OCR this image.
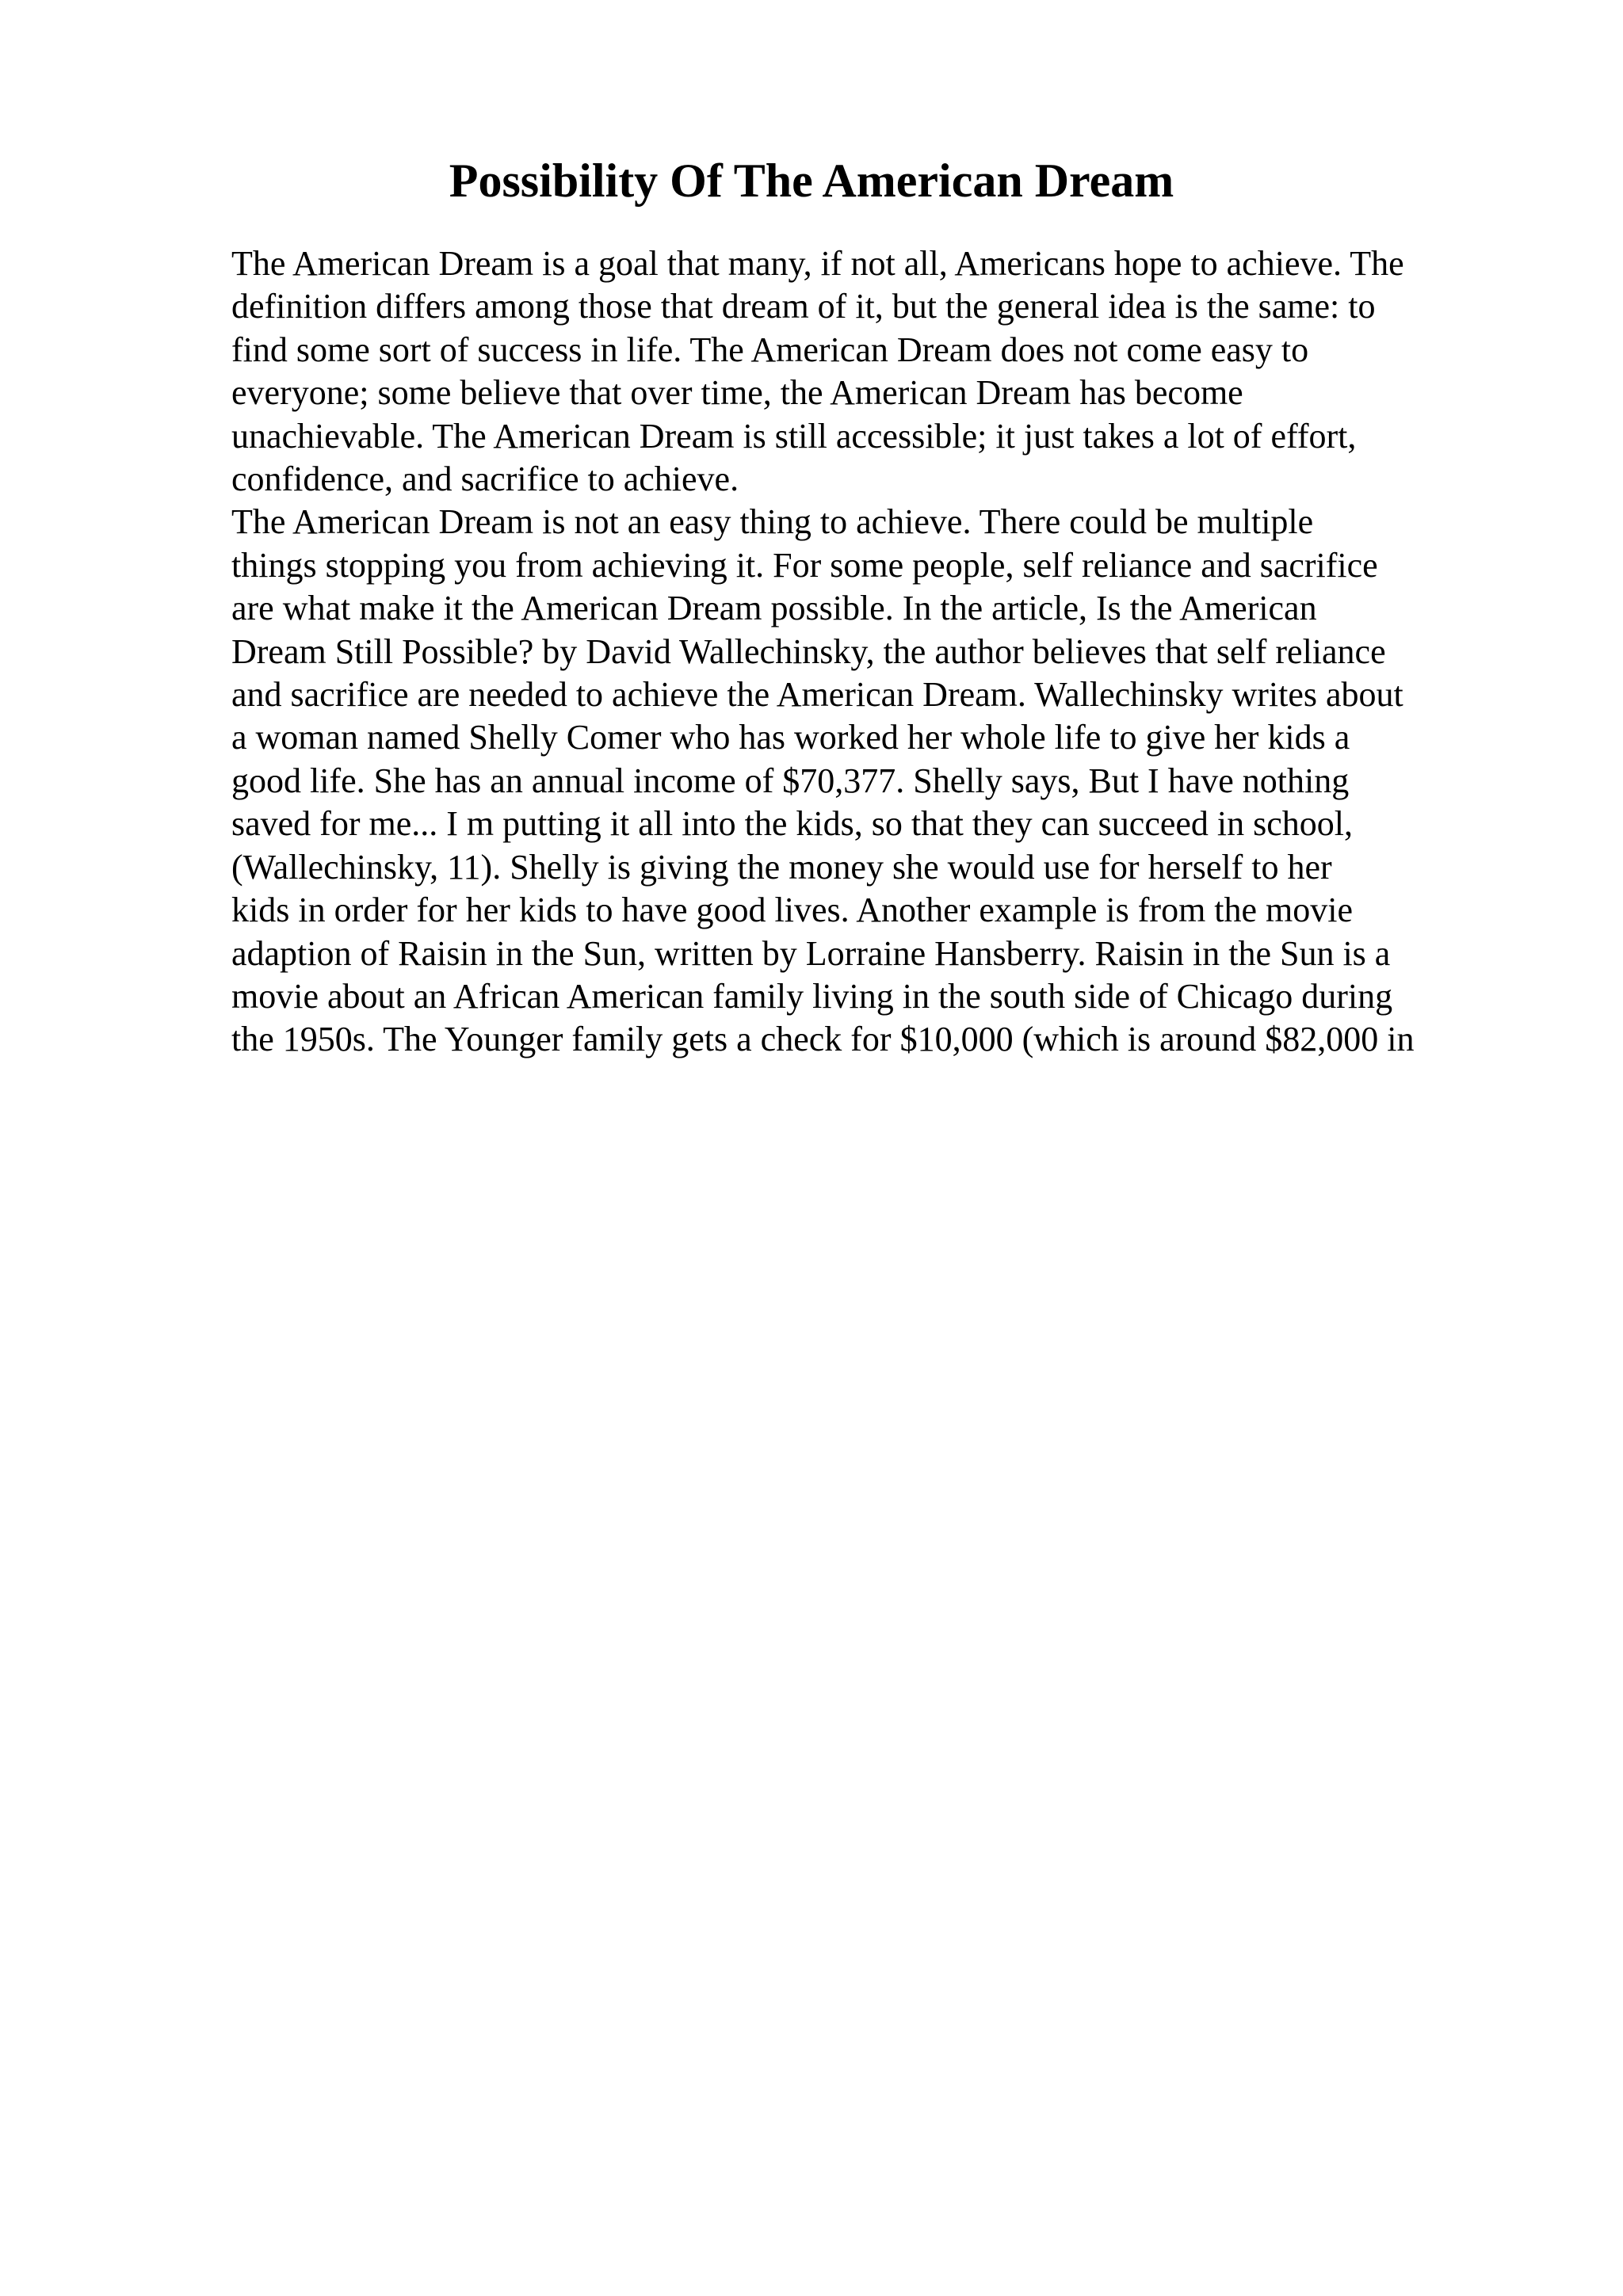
Possibility Of The American Dream

The American Dream is a goal that many, if not all, Americans hope to achieve. The
definition differs among those that dream of it, but the general idea is the same: to
find some sort of success in life. The American Dream does not come easy to
everyone; some believe that over time, the American Dream has become
unachievable. The American Dream is still accessible; it just takes a lot of effort,
confidence, and sacrifice to achieve.

The American Dream is not an easy thing to achieve. There could be multiple
things stopping you from achieving it. For some people, self reliance and sacrifice
are what make it the American Dream possible. In the article, Is the American
Dream Still Possible? by David Wallechinsky, the author believes that self reliance
and sacrifice are needed to achieve the American Dream. Wallechinsky writes about
a woman named Shelly Comer who has worked her whole life to give her kids a
good life. She has an annual income of $70,377. Shelly says, But I have nothing
saved for me... I m putting it all into the kids, so that they can succeed in school,
(Wallechinsky, 11). Shelly is giving the money she would use for herself to her
kids in order for her kids to have good lives. Another example is from the movie
adaption of Raisin in the Sun, written by Lorraine Hansberry. Raisin in the Sun is a
movie about an African American family living in the south side of Chicago during
the 1950s. The Younger family gets a check for $10,000 (which is around $82,000 in
